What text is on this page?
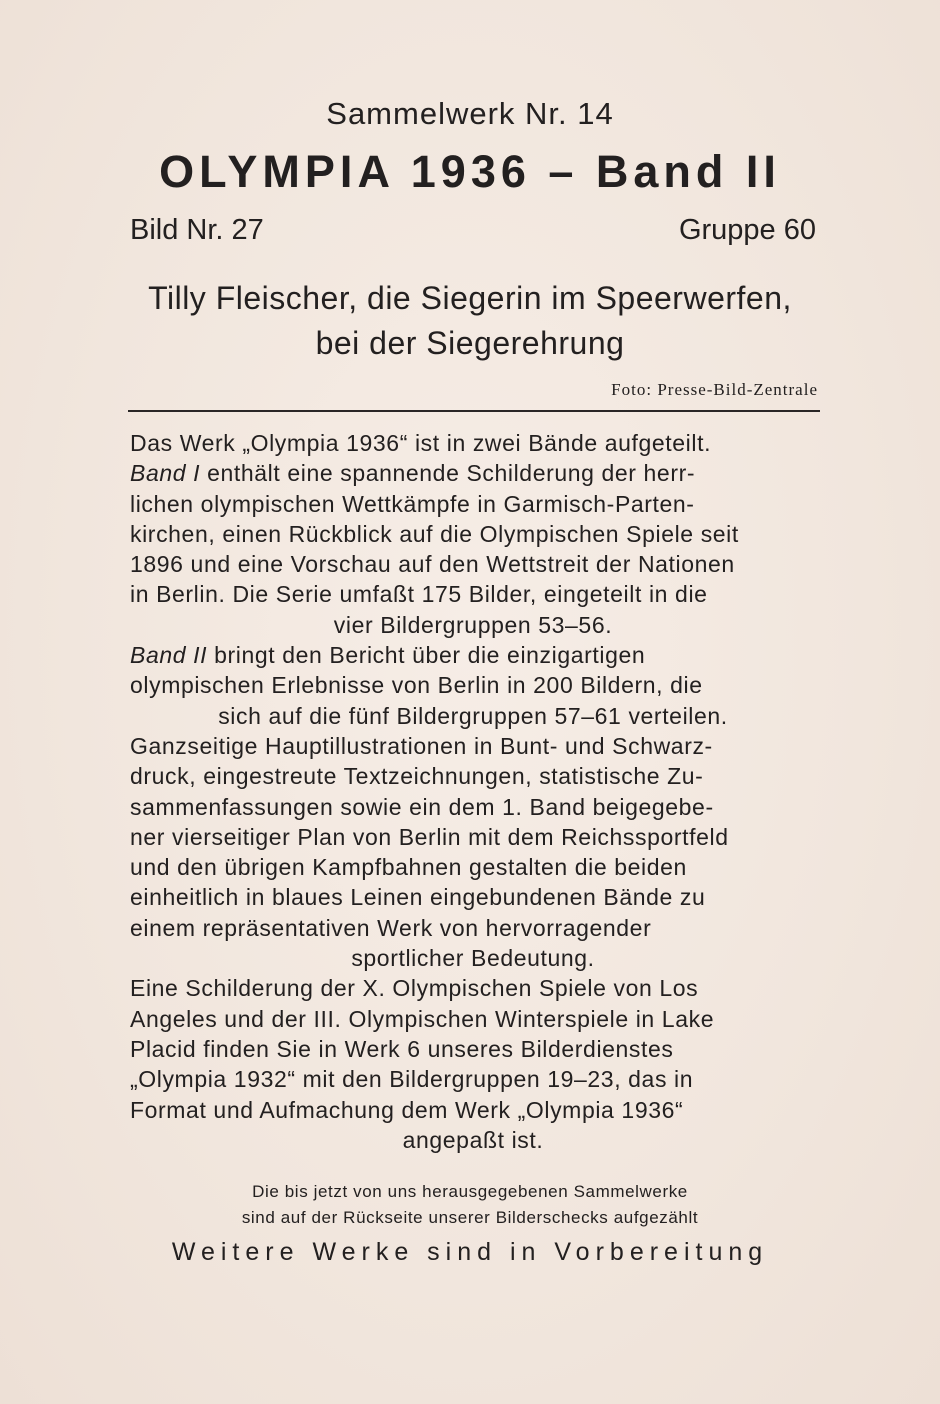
Sammelwerk Nr. 14
OLYMPIA 1936 – Band II
Bild Nr. 27	Gruppe 60
Tilly Fleischer, die Siegerin im Speerwerfen,
bei der Siegerehrung
Foto: Presse-Bild-Zentrale
Das Werk „Olympia 1936“ ist in zwei Bände aufgeteilt.
Band I enthält eine spannende Schilderung der herr-
lichen olympischen Wettkämpfe in Garmisch-Parten-
kirchen, einen Rückblick auf die Olympischen Spiele seit
1896 und eine Vorschau auf den Wettstreit der Nationen
in Berlin. Die Serie umfaßt 175 Bilder, eingeteilt in die
vier Bildergruppen 53–56.
Band II bringt den Bericht über die einzigartigen
olympischen Erlebnisse von Berlin in 200 Bildern, die
sich auf die fünf Bildergruppen 57–61 verteilen.
Ganzseitige Hauptillustrationen in Bunt- und Schwarz-
druck, eingestreute Textzeichnungen, statistische Zu-
sammenfassungen sowie ein dem 1. Band beigegebe-
ner vierseitiger Plan von Berlin mit dem Reichssportfeld
und den übrigen Kampfbahnen gestalten die beiden
einheitlich in blaues Leinen eingebundenen Bände zu
einem repräsentativen Werk von hervorragender
sportlicher Bedeutung.
Eine Schilderung der X. Olympischen Spiele von Los
Angeles und der III. Olympischen Winterspiele in Lake
Placid finden Sie in Werk 6 unseres Bilderdienstes
„Olympia 1932“ mit den Bildergruppen 19–23, das in
Format und Aufmachung dem Werk „Olympia 1936“
angepaßt ist.
Die bis jetzt von uns herausgegebenen Sammelwerke
sind auf der Rückseite unserer Bilderschecks aufgezählt
Weitere Werke sind in Vorbereitung
